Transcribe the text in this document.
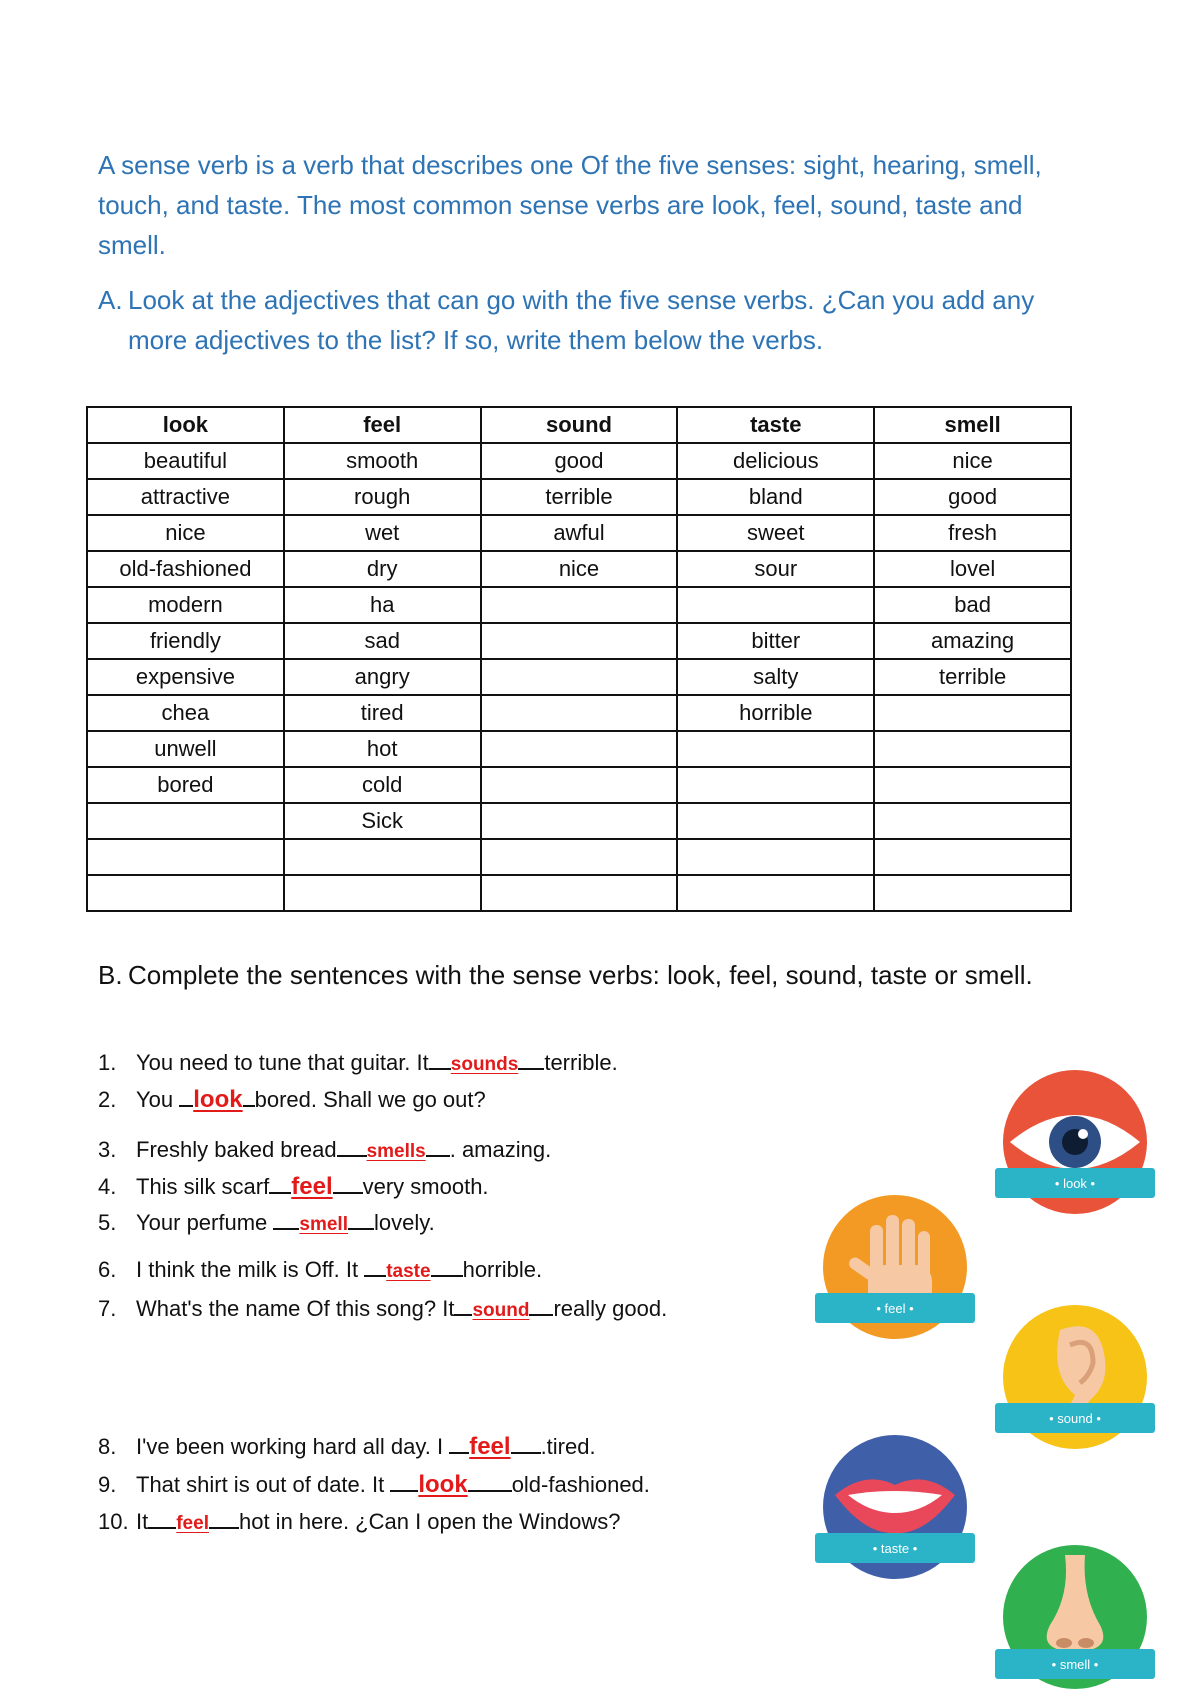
A sense verb is a verb that describes one Of the five senses: sight, hearing, smell, touch, and taste. The most common sense verbs are look, feel, sound, taste and smell.

A. Look at the adjectives that can go with the five sense verbs. ¿Can you add any more adjectives to the list? If so, write them below the verbs.
look	feel	sound	taste	smell
beautiful	smooth	good	delicious	nice
attractive	rough	terrible	bland	good
nice	wet	awful	sweet	fresh
old-fashioned	dry	nice	sour	lovel
modern	ha			bad
friendly	sad		bitter	amazing
expensive	angry		salty	terrible
chea	tired		horrible	
unwell	hot			
bored	cold			
	Sick			

B. Complete the sentences with the sense verbs: look, feel, sound, taste or smell.
1. You need to tune that guitar. It sounds terrible.
2. You look bored. Shall we go out?
3. Freshly baked bread smells . amazing.
4. This silk scarf feel very smooth.
5. Your perfume smell lovely.
6. I think the milk is Off. It taste horrible.
7. What's the name Of this song? It sound really good.
8. I've been working hard all day. I feel .tired.
9. That shirt is out of date. It look old-fashioned.
10. It feel hot in here. ¿Can I open the Windows?
• look •
• feel •
• sound •
• taste •
• smell •
